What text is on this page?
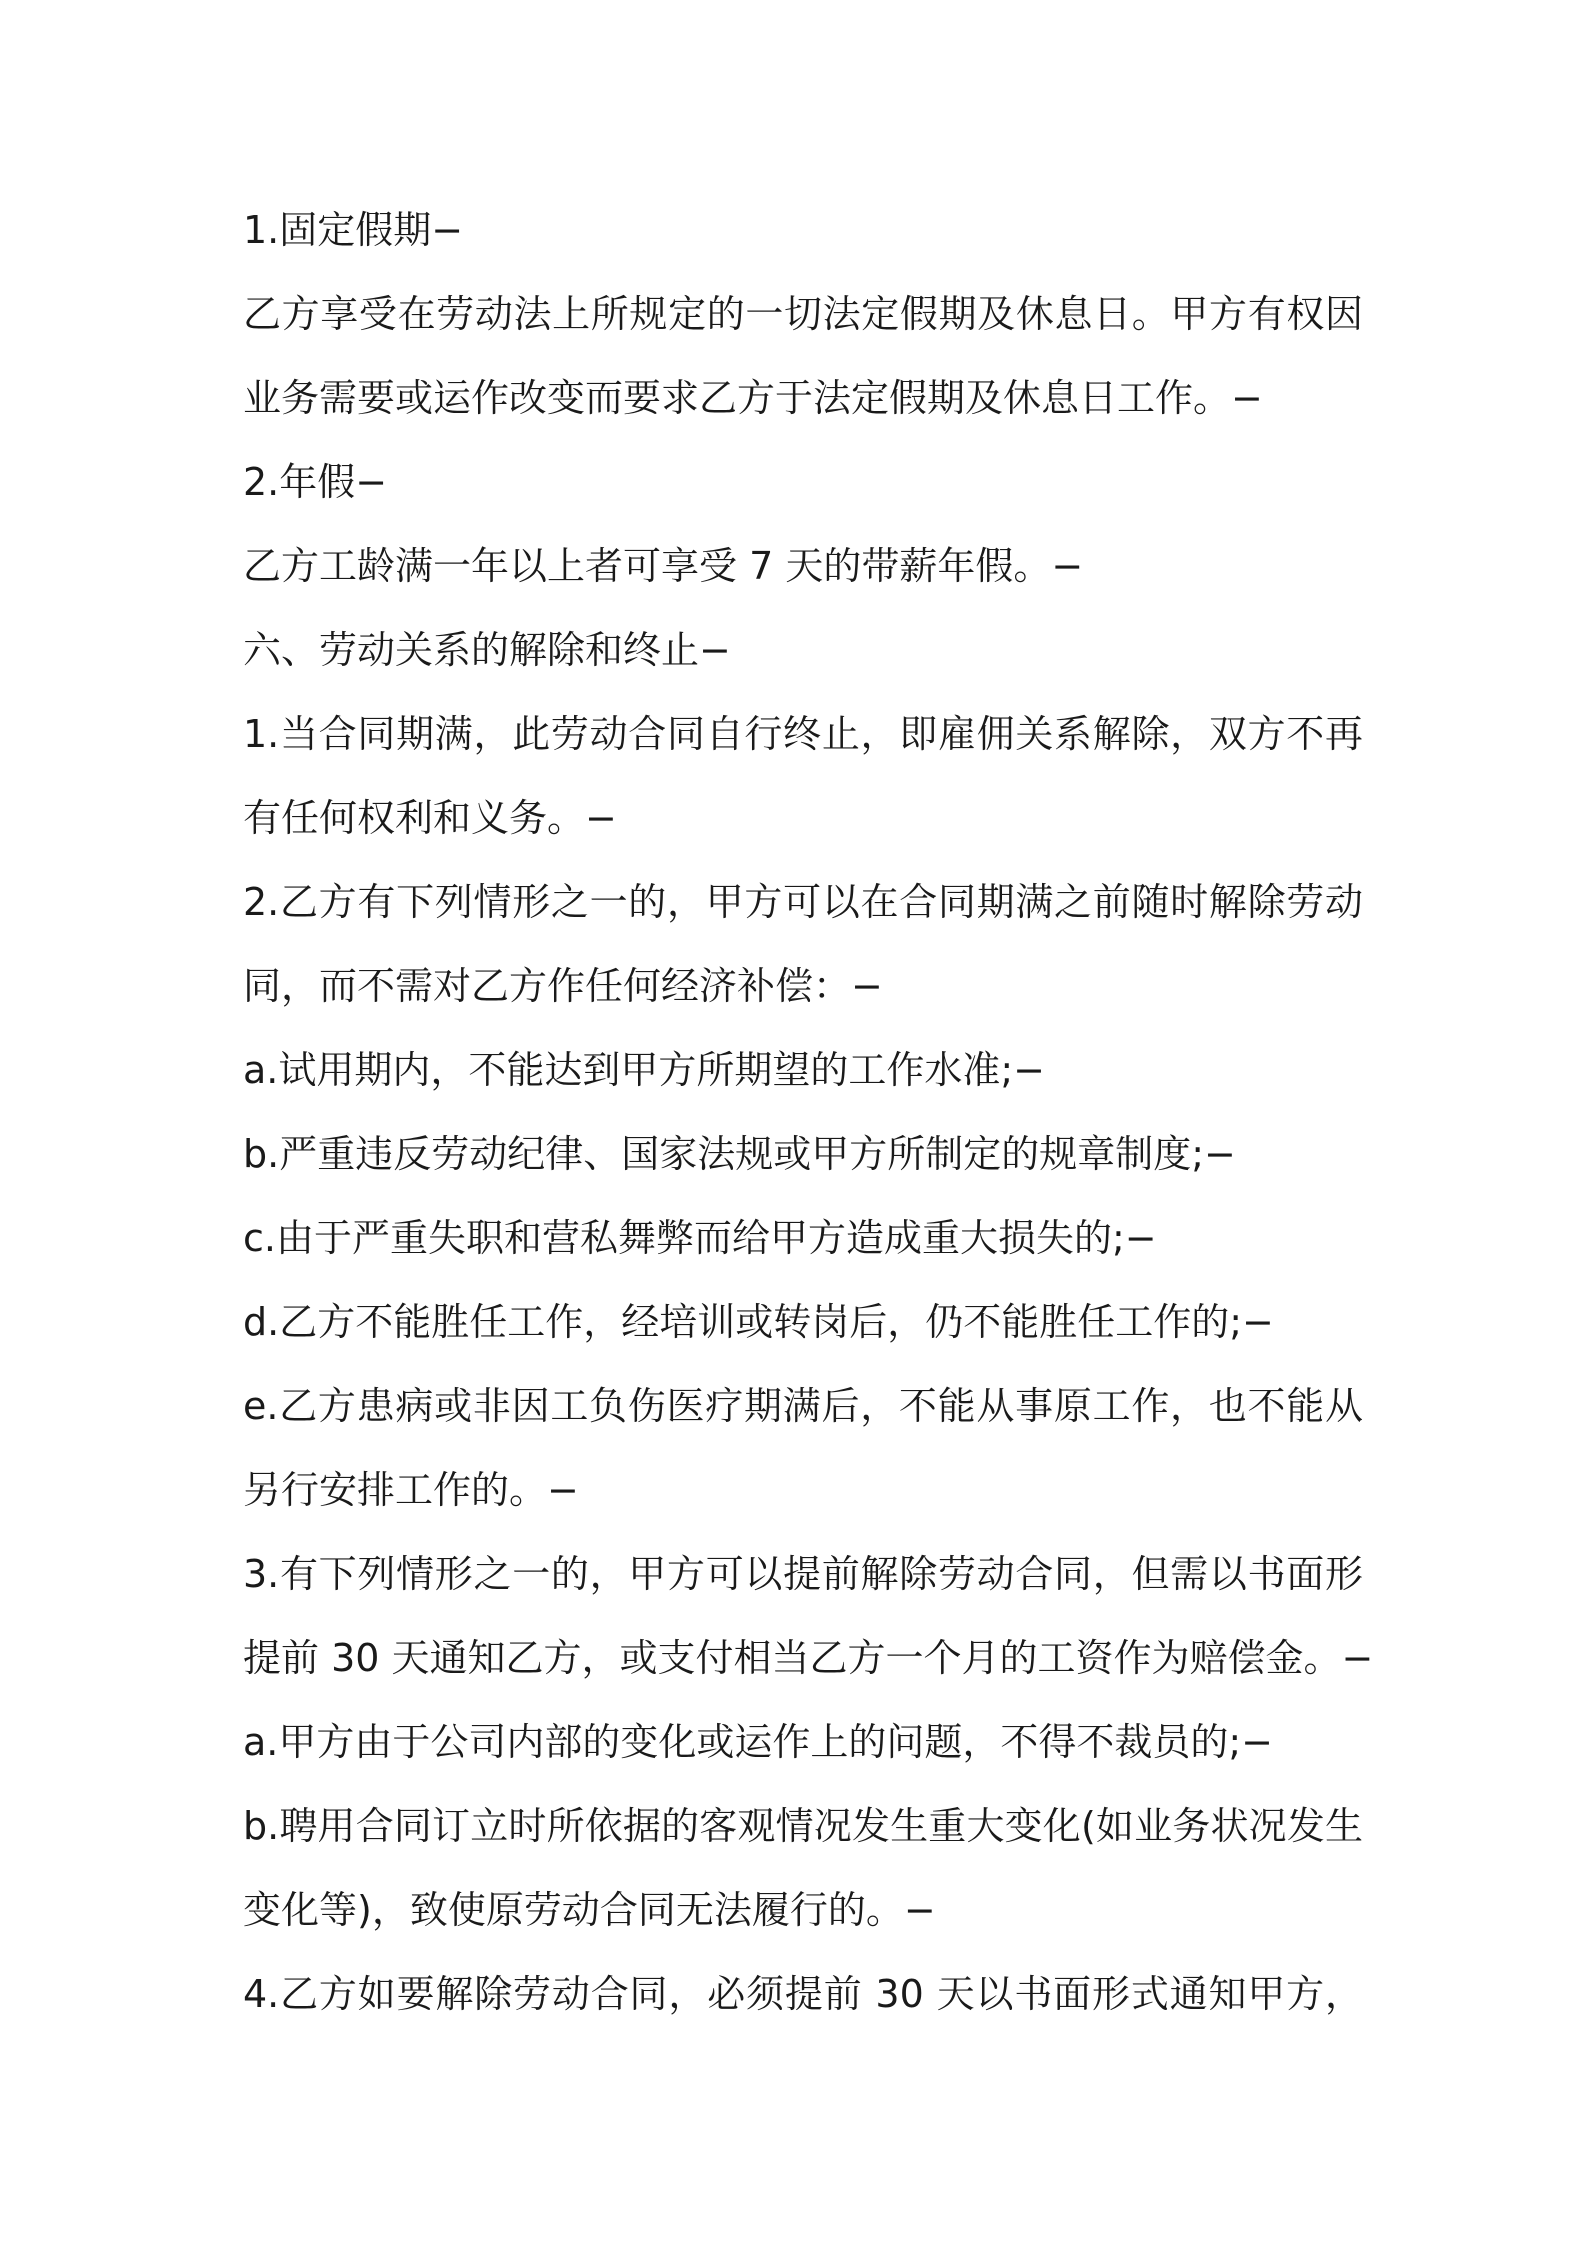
1.固定假期−

乙方享受在劳动法上所规定的一切法定假期及休息日。甲方有权因

业务需要或运作改变而要求乙方于法定假期及休息日工作。−

2.年假−

乙方工龄满一年以上者可享受 7 天的带薪年假。−

六、劳动关系的解除和终止−

1.当合同期满，此劳动合同自行终止，即雇佣关系解除，双方不再

有任何权利和义务。−

2.乙方有下列情形之一的，甲方可以在合同期满之前随时解除劳动

同，而不需对乙方作任何经济补偿：−

a.试用期内，不能达到甲方所期望的工作水准;−

b.严重违反劳动纪律、国家法规或甲方所制定的规章制度;−

c.由于严重失职和营私舞弊而给甲方造成重大损失的;−

d.乙方不能胜任工作，经培训或转岗后，仍不能胜任工作的;−

e.乙方患病或非因工负伤医疗期满后，不能从事原工作，也不能从

另行安排工作的。−

3.有下列情形之一的，甲方可以提前解除劳动合同，但需以书面形

提前 30 天通知乙方，或支付相当乙方一个月的工资作为赔偿金。−

a.甲方由于公司内部的变化或运作上的问题，不得不裁员的;−

b.聘用合同订立时所依据的客观情况发生重大变化(如业务状况发生

变化等)，致使原劳动合同无法履行的。−

4.乙方如要解除劳动合同，必须提前 30 天以书面形式通知甲方，
